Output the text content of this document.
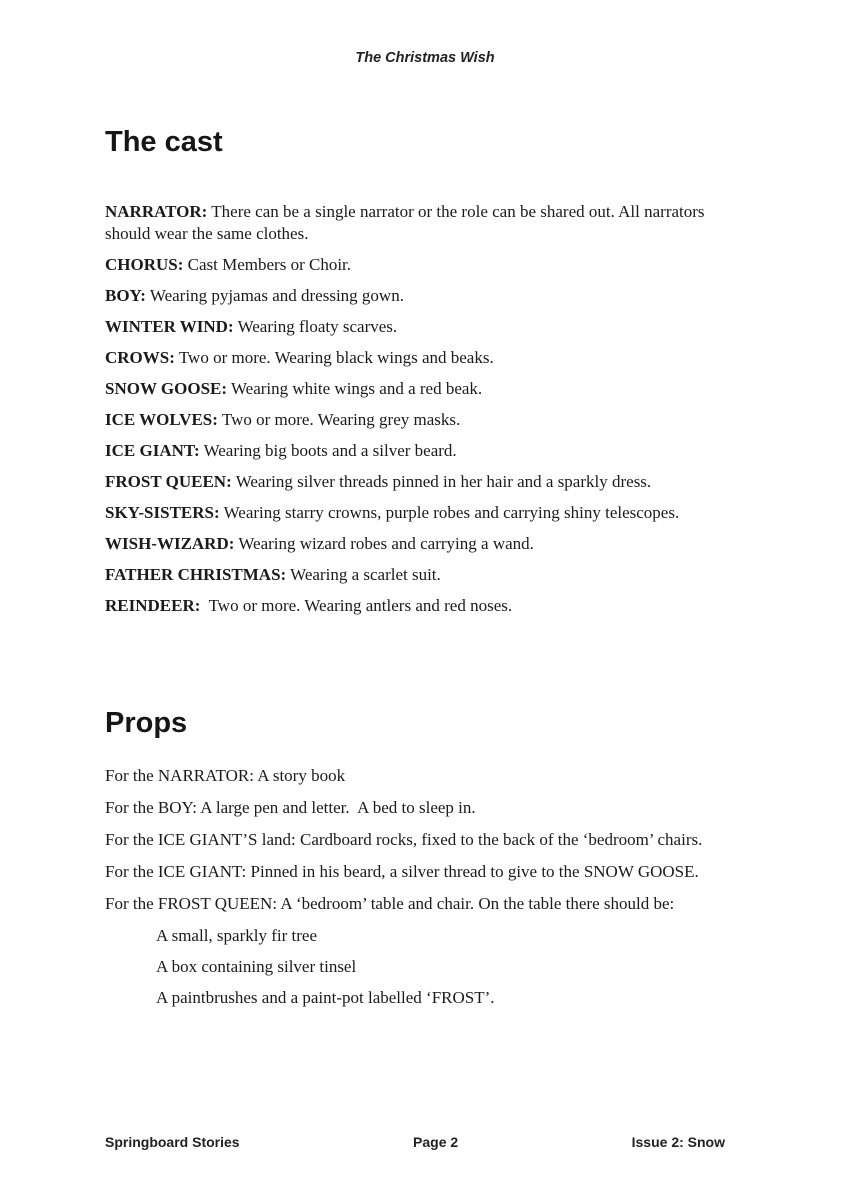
The Christmas Wish
The cast

NARRATOR: There can be a single narrator or the role can be shared out. All narrators should wear the same clothes.

CHORUS: Cast Members or Choir.

BOY: Wearing pyjamas and dressing gown.

WINTER WIND: Wearing floaty scarves.

CROWS: Two or more. Wearing black wings and beaks.

SNOW GOOSE: Wearing white wings and a red beak.

ICE WOLVES: Two or more. Wearing grey masks.

ICE GIANT: Wearing big boots and a silver beard.

FROST QUEEN: Wearing silver threads pinned in her hair and a sparkly dress.

SKY-SISTERS: Wearing starry crowns, purple robes and carrying shiny telescopes.

WISH-WIZARD: Wearing wizard robes and carrying a wand.

FATHER CHRISTMAS: Wearing a scarlet suit.

REINDEER:  Two or more. Wearing antlers and red noses.

Props

For the NARRATOR: A story book

For the BOY: A large pen and letter.  A bed to sleep in.

For the ICE GIANT’S land: Cardboard rocks, fixed to the back of the ‘bedroom’ chairs.

For the ICE GIANT: Pinned in his beard, a silver thread to give to the SNOW GOOSE.

For the FROST QUEEN: A ‘bedroom’ table and chair. On the table there should be:

A small, sparkly fir tree

A box containing silver tinsel

A paintbrushes and a paint-pot labelled ‘FROST’.

Springboard Stories	Page 2	Issue 2: Snow
